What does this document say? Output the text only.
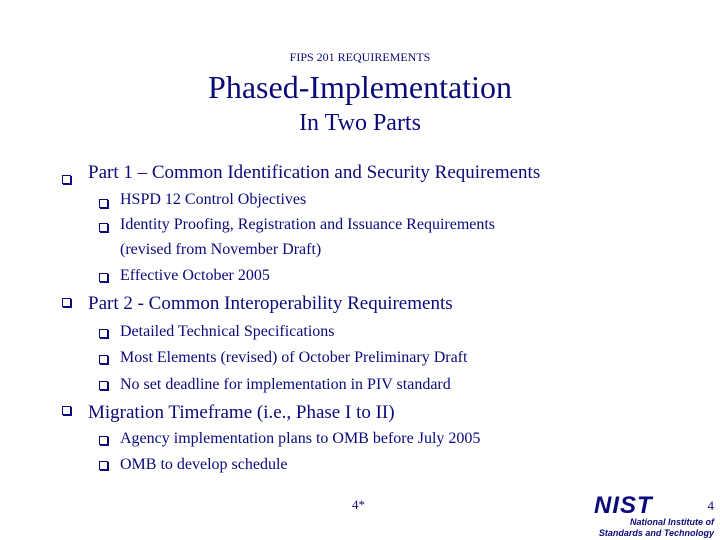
FIPS 201 REQUIREMENTS
Phased-Implementation
In Two Parts
Part 1 – Common Identification and Security Requirements
HSPD 12 Control Objectives
Identity Proofing, Registration and Issuance Requirements
(revised from November Draft)
Effective October 2005
Part 2 - Common Interoperability Requirements
Detailed Technical Specifications
Most Elements (revised) of October Preliminary Draft
No set deadline for implementation in PIV standard
Migration Timeframe (i.e., Phase I to II)
Agency implementation plans to OMB before July 2005
OMB to develop schedule
4*	NIST
National Institute of
Standards and Technology
4
